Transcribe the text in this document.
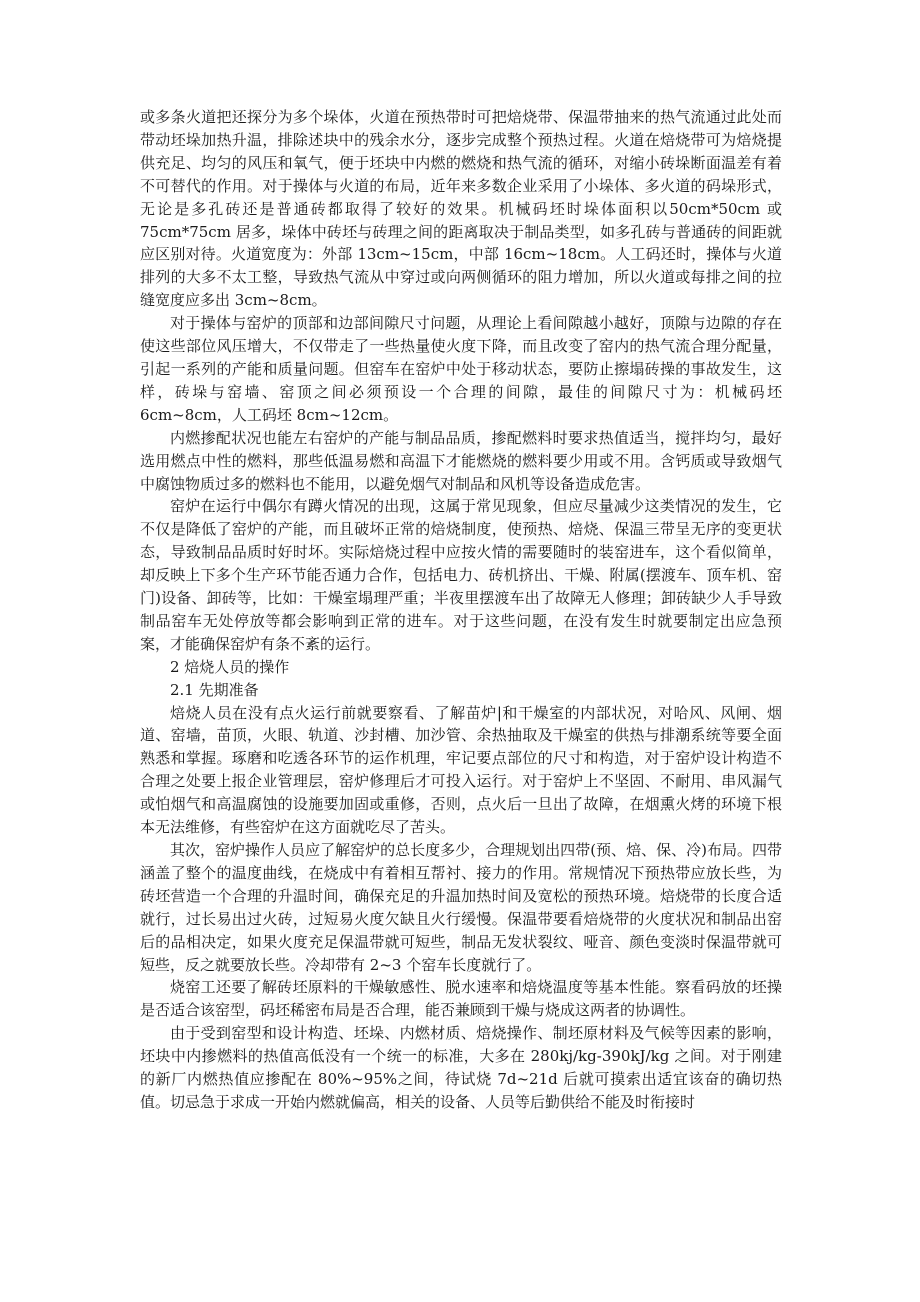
或多条火道把还探分为多个垛体，火道在预热带时可把焙烧带、保温带抽来的热气流通过此处而带动坯垛加热升温，排除述块中的残余水分，逐步完成整个预热过程。火道在焙烧带可为焙烧提供充足、均匀的风压和氧气，便于坯块中内燃的燃烧和热气流的循环，对缩小砖垛断面温差有着不可替代的作用。对于操体与火道的布局，近年来多数企业采用了小垛体、多火道的码垛形式，无论是多孔砖还是普通砖都取得了较好的效果。机械码坯时垛体面积以50cm*50cm 或 75cm*75cm 居多，垛体中砖坯与砖理之间的距离取决于制品类型，如多孔砖与普通砖的间距就应区别对待。火道宽度为：外部 13cm~15cm，中部 16cm~18cm。人工码还时，操体与火道排列的大多不太工整，导致热气流从中穿过或向两侧循环的阻力增加，所以火道或每排之间的拉缝宽度应多出 3cm~8cm。

对于操体与窑炉的顶部和边部间隙尺寸问题，从理论上看间隙越小越好，顶隙与边隙的存在使这些部位风压增大，不仅带走了一些热量使火度下降，而且改变了窑内的热气流合理分配量，引起一系列的产能和质量问题。但窑车在窑炉中处于移动状态，要防止擦塌砖操的事故发生，这样，砖垛与窑墙、窑顶之间必须预设一个合理的间隙，最佳的间隙尺寸为：机械码坯 6cm~8cm，人工码坯 8cm~12cm。

内燃掺配状况也能左右窑炉的产能与制品品质，掺配燃料时要求热值适当，搅拌均匀，最好选用燃点中性的燃料，那些低温易燃和高温下才能燃烧的燃料要少用或不用。含钙质或导致烟气中腐蚀物质过多的燃料也不能用，以避免烟气对制品和风机等设备造成危害。

窑炉在运行中偶尔有蹲火情况的出现，这属于常见现象，但应尽量减少这类情况的发生，它不仅是降低了窑炉的产能，而且破坏正常的焙烧制度，使预热、焙烧、保温三带呈无序的变更状态，导致制品品质时好时坏。实际焙烧过程中应按火情的需要随时的装窑进车，这个看似简单，却反映上下多个生产环节能否通力合作，包括电力、砖机挤出、干燥、附属(摆渡车、顶车机、窑门)设备、卸砖等，比如：干燥室塌理严重；半夜里摆渡车出了故障无人修理；卸砖缺少人手导致制品窑车无处停放等都会影响到正常的进车。对于这些问题，在没有发生时就要制定出应急预案，才能确保窑炉有条不紊的运行。

2 焙烧人员的操作

2.1 先期准备

焙烧人员在没有点火运行前就要察看、了解苗炉|和干燥室的内部状况，对哈风、风闸、烟道、窑墙，苗顶，火眼、轨道、沙封槽、加沙管、余热抽取及干燥室的供热与排潮系统等要全面熟悉和掌握。琢磨和吃透各环节的运作机理，牢记要点部位的尺寸和构造，对于窑炉设计构造不合理之处要上报企业管理层，窑炉修理后才可投入运行。对于窑炉上不坚固、不耐用、串风漏气或怕烟气和高温腐蚀的设施要加固或重修，否则，点火后一旦出了故障，在烟熏火烤的环境下根本无法维修，有些窑炉在这方面就吃尽了苦头。

其次，窑炉操作人员应了解窑炉的总长度多少，合理规划出四带(预、焙、保、冷)布局。四带涵盖了整个的温度曲线，在烧成中有着相互帮衬、接力的作用。常规情况下预热带应放长些，为砖坯营造一个合理的升温时间，确保充足的升温加热时间及宽松的预热环境。焙烧带的长度合适就行，过长易出过火砖，过短易火度欠缺且火行缓慢。保温带要看焙烧带的火度状况和制品出窑后的品相决定，如果火度充足保温带就可短些，制品无发状裂纹、哑音、颜色变淡时保温带就可短些，反之就要放长些。冷却带有 2~3 个窑车长度就行了。

烧窑工还要了解砖坯原料的干燥敏感性、脱水速率和焙烧温度等基本性能。察看码放的坯操是否适合该窑型，码坯稀密布局是否合理，能否兼顾到干燥与烧成这两者的协调性。

由于受到窑型和设计构造、坯垛、内燃材质、焙烧操作、制坯原材料及气候等因素的影响，坯块中内掺燃料的热值高低没有一个统一的标准，大多在 280kj/kg-390kJ/kg 之间。对于刚建的新厂内燃热值应掺配在 80%~95%之间，待试烧 7d~21d 后就可摸索出适宜该奋的确切热值。切忌急于求成一开始内燃就偏高，相关的设备、人员等后勤供给不能及时衔接时
